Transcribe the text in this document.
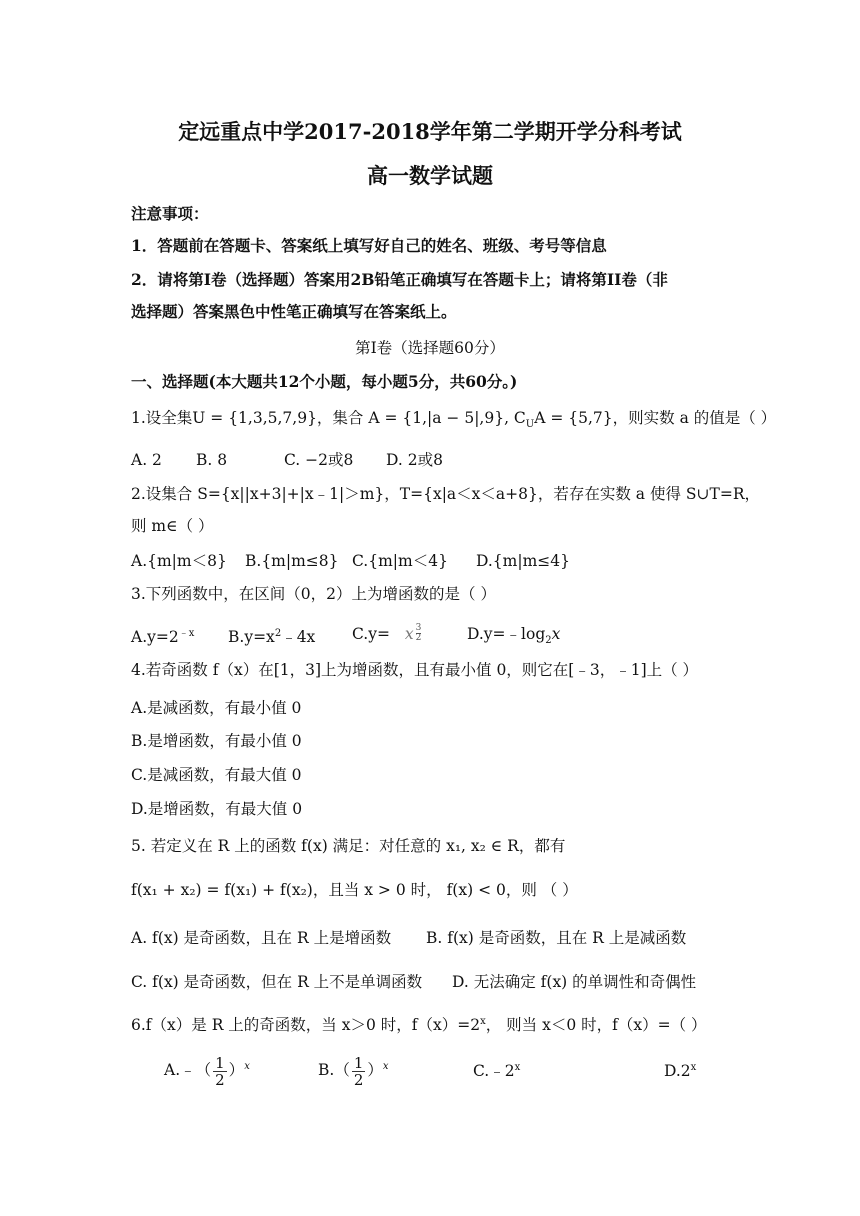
定远重点中学2017-2018学年第二学期开学分科考试
高一数学试题
注意事项：
1．答题前在答题卡、答案纸上填写好自己的姓名、班级、考号等信息
2．请将第Ⅰ卷（选择题）答案用2B铅笔正确填写在答题卡上；请将第II卷（非
选择题）答案黑色中性笔正确填写在答案纸上。
第Ⅰ卷（选择题60分）
一、选择题(本大题共12个小题，每小题5分，共60分。)
1.设全集U = {1,3,5,7,9}，集合 A = {1,|a − 5|,9}, $C_UA = \{5,7\}$，则实数 a 的值是（ ）
A. 2 B. 8	C. −2或8 D. 2或8
2.设集合 S={x||x+3|+|x﹣1|＞m}，T={x|a＜x＜a+8}，若存在实数 a 使得 S∪T=R，
则 m∈（ ）
A.{m|m＜8} B.{m|m≤8} C.{m|m＜4} D.{m|m≤4}
3.下列函数中，在区间（0，2）上为增函数的是（ ）
$A.y=2^{﹣x}$ $B.y=x^2﹣4x$ C.y= x $\frac{3}{2}$	$D.y=﹣\log_2x$
4.若奇函数 f（x）在[1，3]上为增函数，且有最小值 0，则它在[﹣3，﹣1]上（ ）
A.是减函数，有最小值 0
B.是增函数，有最小值 0
C.是减函数，有最大值 0
D.是增函数，有最大值 0
5. 若定义在 R 上的函数 f(x) 满足：对任意的 x₁, x₂ ∈ R，都有
f(x₁ + x₂) = f(x₁) + f(x₂)，且当 x > 0 时， f(x) < 0，则 （ ）
A. f(x) 是奇函数，且在 R 上是增函数 B. f(x) 是奇函数，且在 R 上是减函数
C. f(x) 是奇函数，但在 R 上不是单调函数 D. 无法确定 f(x) 的单调性和奇偶性
6.f（x）是 R 上的奇函数，当 x＞0 时，$f(x)=2^x$， 则当 x＜0 时，f（x）=（ ）
A.﹣（ $\frac{1}{2} )^x$	$B.( \frac{1}{2} )^x$	C.﹣2$^x$	D.2$^x$
